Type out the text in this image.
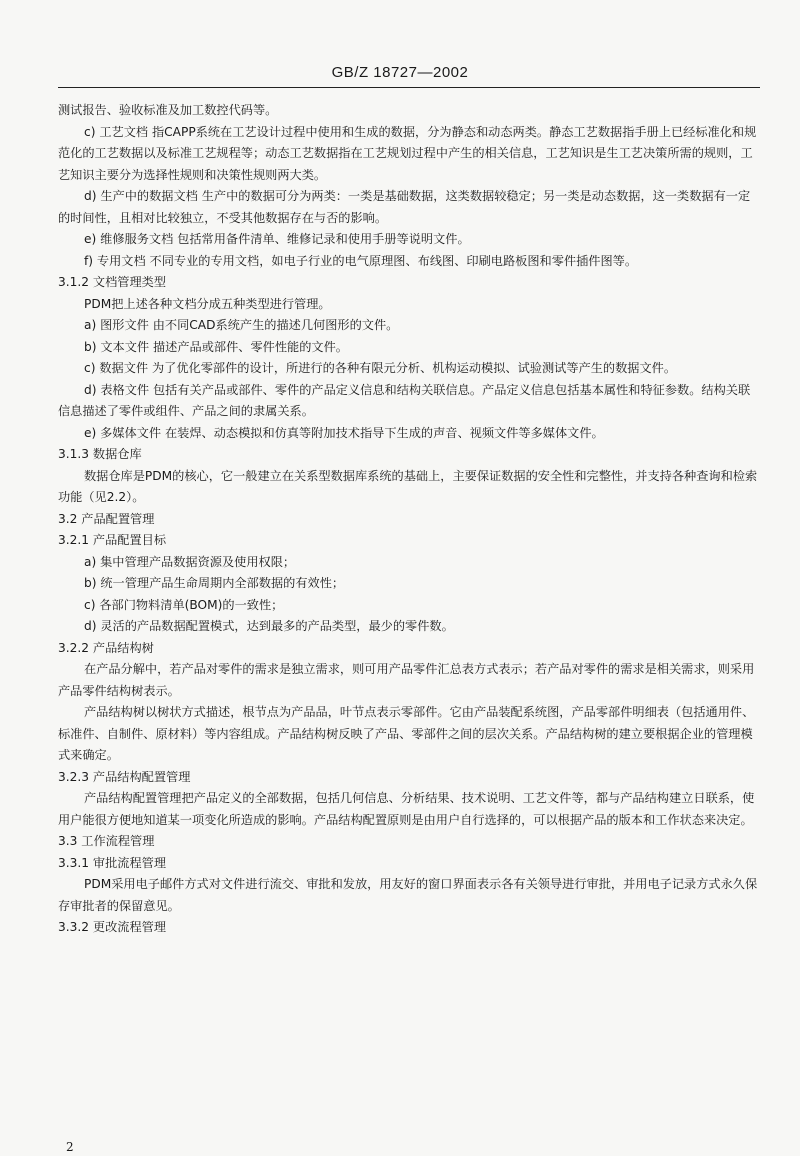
GB/Z 18727—2002

测试报告、验收标准及加工数控代码等。

c) 工艺文档 指CAPP系统在工艺设计过程中使用和生成的数据，分为静态和动态两类。静态工艺数据指手册上已经标准化和规范化的工艺数据以及标准工艺规程等；动态工艺数据指在工艺规划过程中产生的相关信息，工艺知识是生工艺决策所需的规则，工艺知识主要分为选择性规则和决策性规则两大类。

d) 生产中的数据文档 生产中的数据可分为两类：一类是基础数据，这类数据较稳定；另一类是动态数据，这一类数据有一定的时间性，且相对比较独立，不受其他数据存在与否的影响。

e) 维修服务文档 包括常用备件清单、维修记录和使用手册等说明文件。

f) 专用文档 不同专业的专用文档，如电子行业的电气原理图、布线图、印刷电路板图和零件插件图等。

3.1.2 文档管理类型

PDM把上述各种文档分成五种类型进行管理。

a) 图形文件 由不同CAD系统产生的描述几何图形的文件。

b) 文本文件 描述产品或部件、零件性能的文件。

c) 数据文件 为了优化零部件的设计，所进行的各种有限元分析、机构运动模拟、试验测试等产生的数据文件。

d) 表格文件 包括有关产品或部件、零件的产品定义信息和结构关联信息。产品定义信息包括基本属性和特征参数。结构关联信息描述了零件或组件、产品之间的隶属关系。

e) 多媒体文件 在装焊、动态模拟和仿真等附加技术指导下生成的声音、视频文件等多媒体文件。

3.1.3 数据仓库

数据仓库是PDM的核心，它一般建立在关系型数据库系统的基础上，主要保证数据的安全性和完整性，并支持各种查询和检索功能（见2.2）。

3.2 产品配置管理

3.2.1 产品配置目标

a) 集中管理产品数据资源及使用权限；

b) 统一管理产品生命周期内全部数据的有效性；

c) 各部门物料清单(BOM)的一致性；

d) 灵活的产品数据配置模式，达到最多的产品类型，最少的零件数。

3.2.2 产品结构树

在产品分解中，若产品对零件的需求是独立需求，则可用产品零件汇总表方式表示；若产品对零件的需求是相关需求，则采用产品零件结构树表示。

产品结构树以树状方式描述，根节点为产品品，叶节点表示零部件。它由产品装配系统图，产品零部件明细表（包括通用件、标准件、自制件、原材料）等内容组成。产品结构树反映了产品、零部件之间的层次关系。产品结构树的建立要根据企业的管理模式来确定。

3.2.3 产品结构配置管理

产品结构配置管理把产品定义的全部数据，包括几何信息、分析结果、技术说明、工艺文件等，都与产品结构建立日联系，使用户能很方便地知道某一项变化所造成的影响。产品结构配置原则是由用户自行选择的，可以根据产品的版本和工作状态来决定。

3.3 工作流程管理

3.3.1 审批流程管理

PDM采用电子邮件方式对文件进行流交、审批和发放，用友好的窗口界面表示各有关领导进行审批，并用电子记录方式永久保存审批者的保留意见。

3.3.2 更改流程管理

2
